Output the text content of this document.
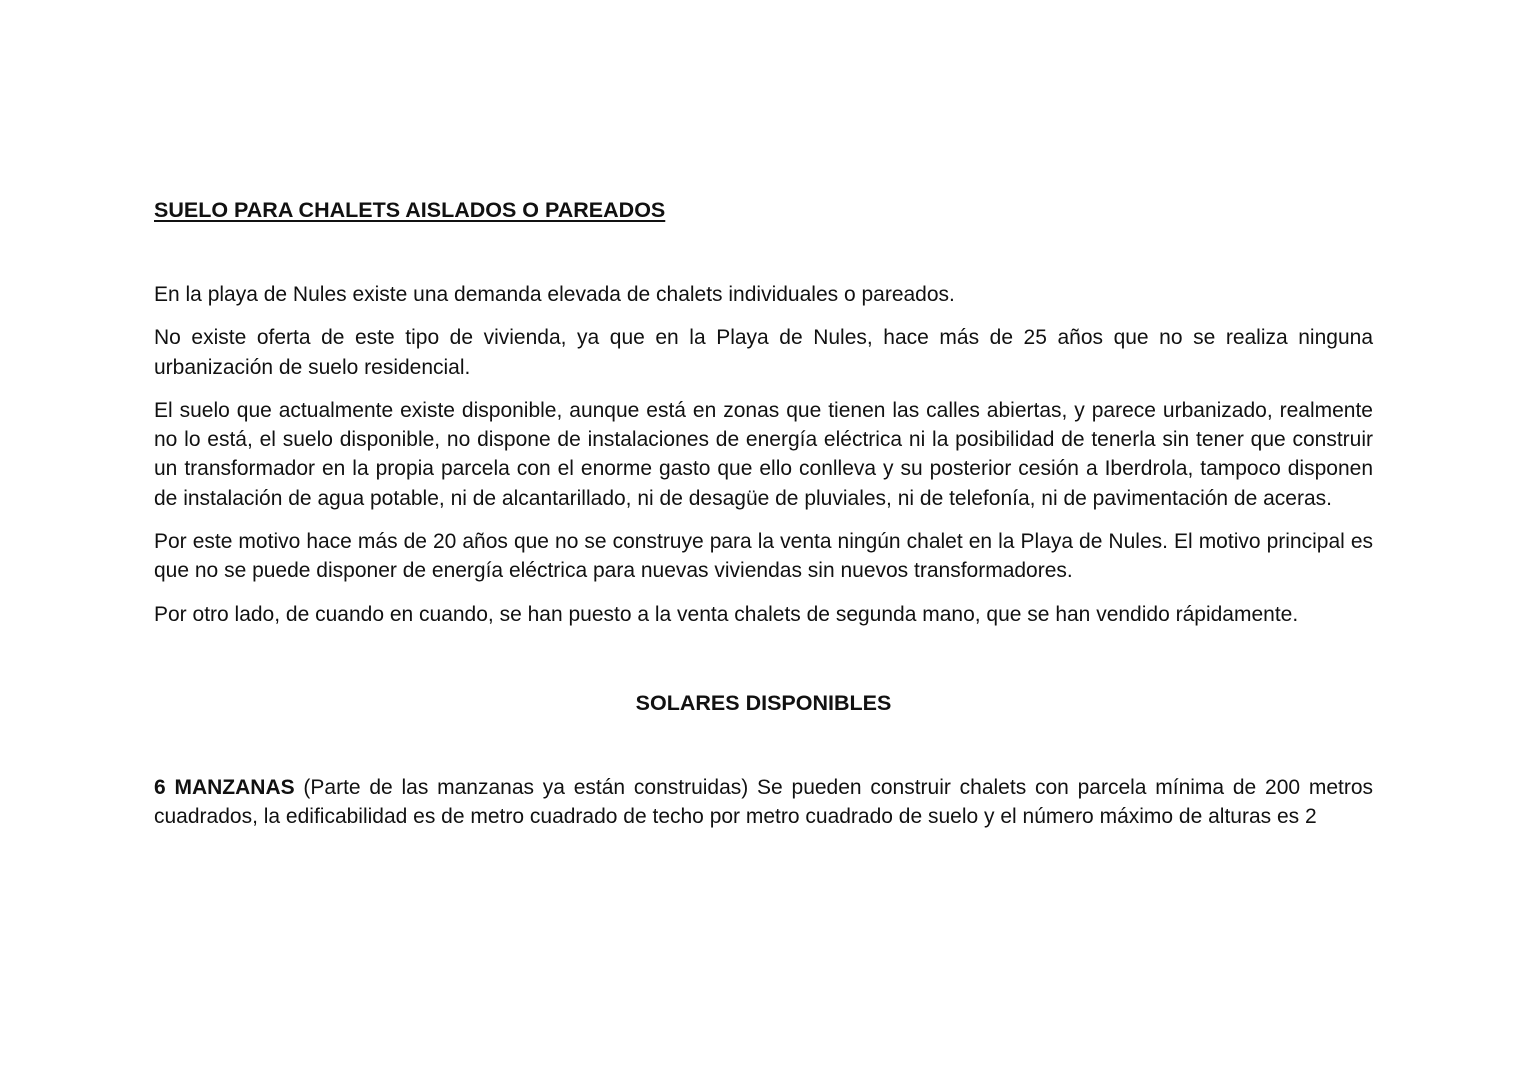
SUELO PARA CHALETS AISLADOS O PAREADOS

En la playa de Nules existe una demanda elevada de chalets individuales o pareados.

No existe oferta de este tipo de vivienda, ya que en la Playa de Nules, hace más de 25 años que no se realiza ninguna urbanización de suelo residencial.

El suelo que actualmente existe disponible, aunque está en zonas que tienen las calles abiertas, y parece urbanizado, realmente no lo está, el suelo disponible, no dispone de instalaciones de energía eléctrica ni la posibilidad de tenerla sin tener que construir un transformador en la propia parcela con el enorme gasto que ello conlleva y su posterior cesión a Iberdrola, tampoco disponen de instalación de agua potable, ni de alcantarillado, ni de desagüe de pluviales, ni de telefonía, ni de pavimentación de aceras.

Por este motivo hace más de 20 años que no se construye para la venta ningún chalet en la Playa de Nules. El motivo principal es que no se puede disponer de energía eléctrica para nuevas viviendas sin nuevos transformadores.

Por otro lado, de cuando en cuando, se han puesto a la venta chalets de segunda mano, que se han vendido rápidamente.

SOLARES DISPONIBLES

6 MANZANAS (Parte de las manzanas ya están construidas) Se pueden construir chalets con parcela mínima de 200 metros cuadrados, la edificabilidad es de metro cuadrado de techo por metro cuadrado de suelo y el número máximo de alturas es 2
